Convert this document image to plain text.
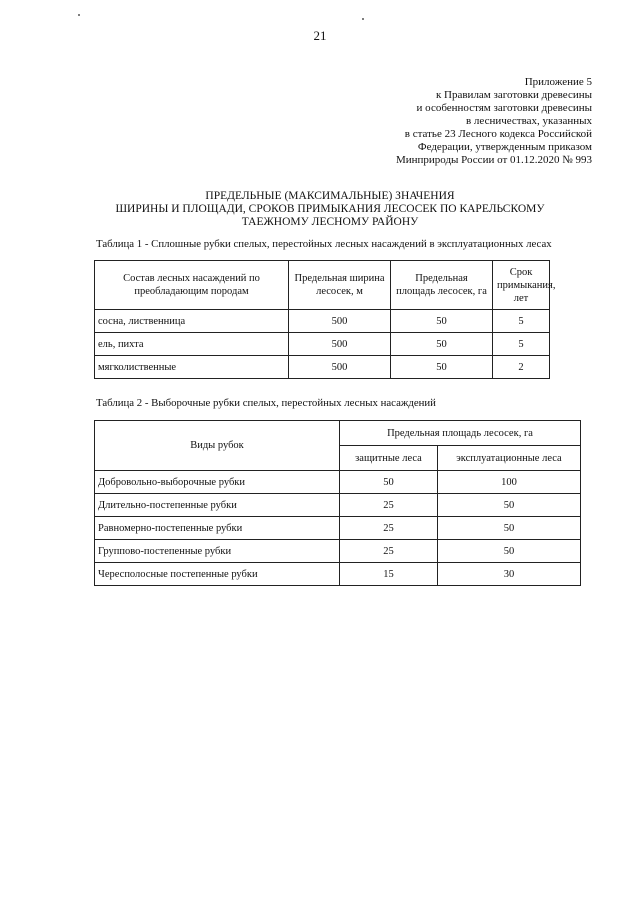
21
Приложение 5
к Правилам заготовки древесины
и особенностям заготовки древесины
в лесничествах, указанных
в статье 23 Лесного кодекса Российской
Федерации, утвержденным приказом
Минприроды России от 01.12.2020 № 993
ПРЕДЕЛЬНЫЕ (МАКСИМАЛЬНЫЕ) ЗНАЧЕНИЯ
ШИРИНЫ И ПЛОЩАДИ, СРОКОВ ПРИМЫКАНИЯ ЛЕСОСЕК ПО КАРЕЛЬСКОМУ
ТАЕЖНОМУ ЛЕСНОМУ РАЙОНУ
Таблица 1 - Сплошные рубки спелых, перестойных лесных насаждений в эксплуатационных лесах
Состав лесных насаждений по преобладающим породам	Предельная ширина лесосек, м	Предельная площадь лесосек, га	Срок примыкания, лет
сосна, лиственница	500	50	5
ель, пихта	500	50	5
мягколиственные	500	50	2
Таблица 2 - Выборочные рубки спелых, перестойных лесных насаждений
Виды рубок	Предельная площадь лесосек, га	
	защитные леса	эксплуатационные леса
Добровольно-выборочные рубки	50	100
Длительно-постепенные рубки	25	50
Равномерно-постепенные рубки	25	50
Группово-постепенные рубки	25	50
Чересполосные постепенные рубки	15	30
